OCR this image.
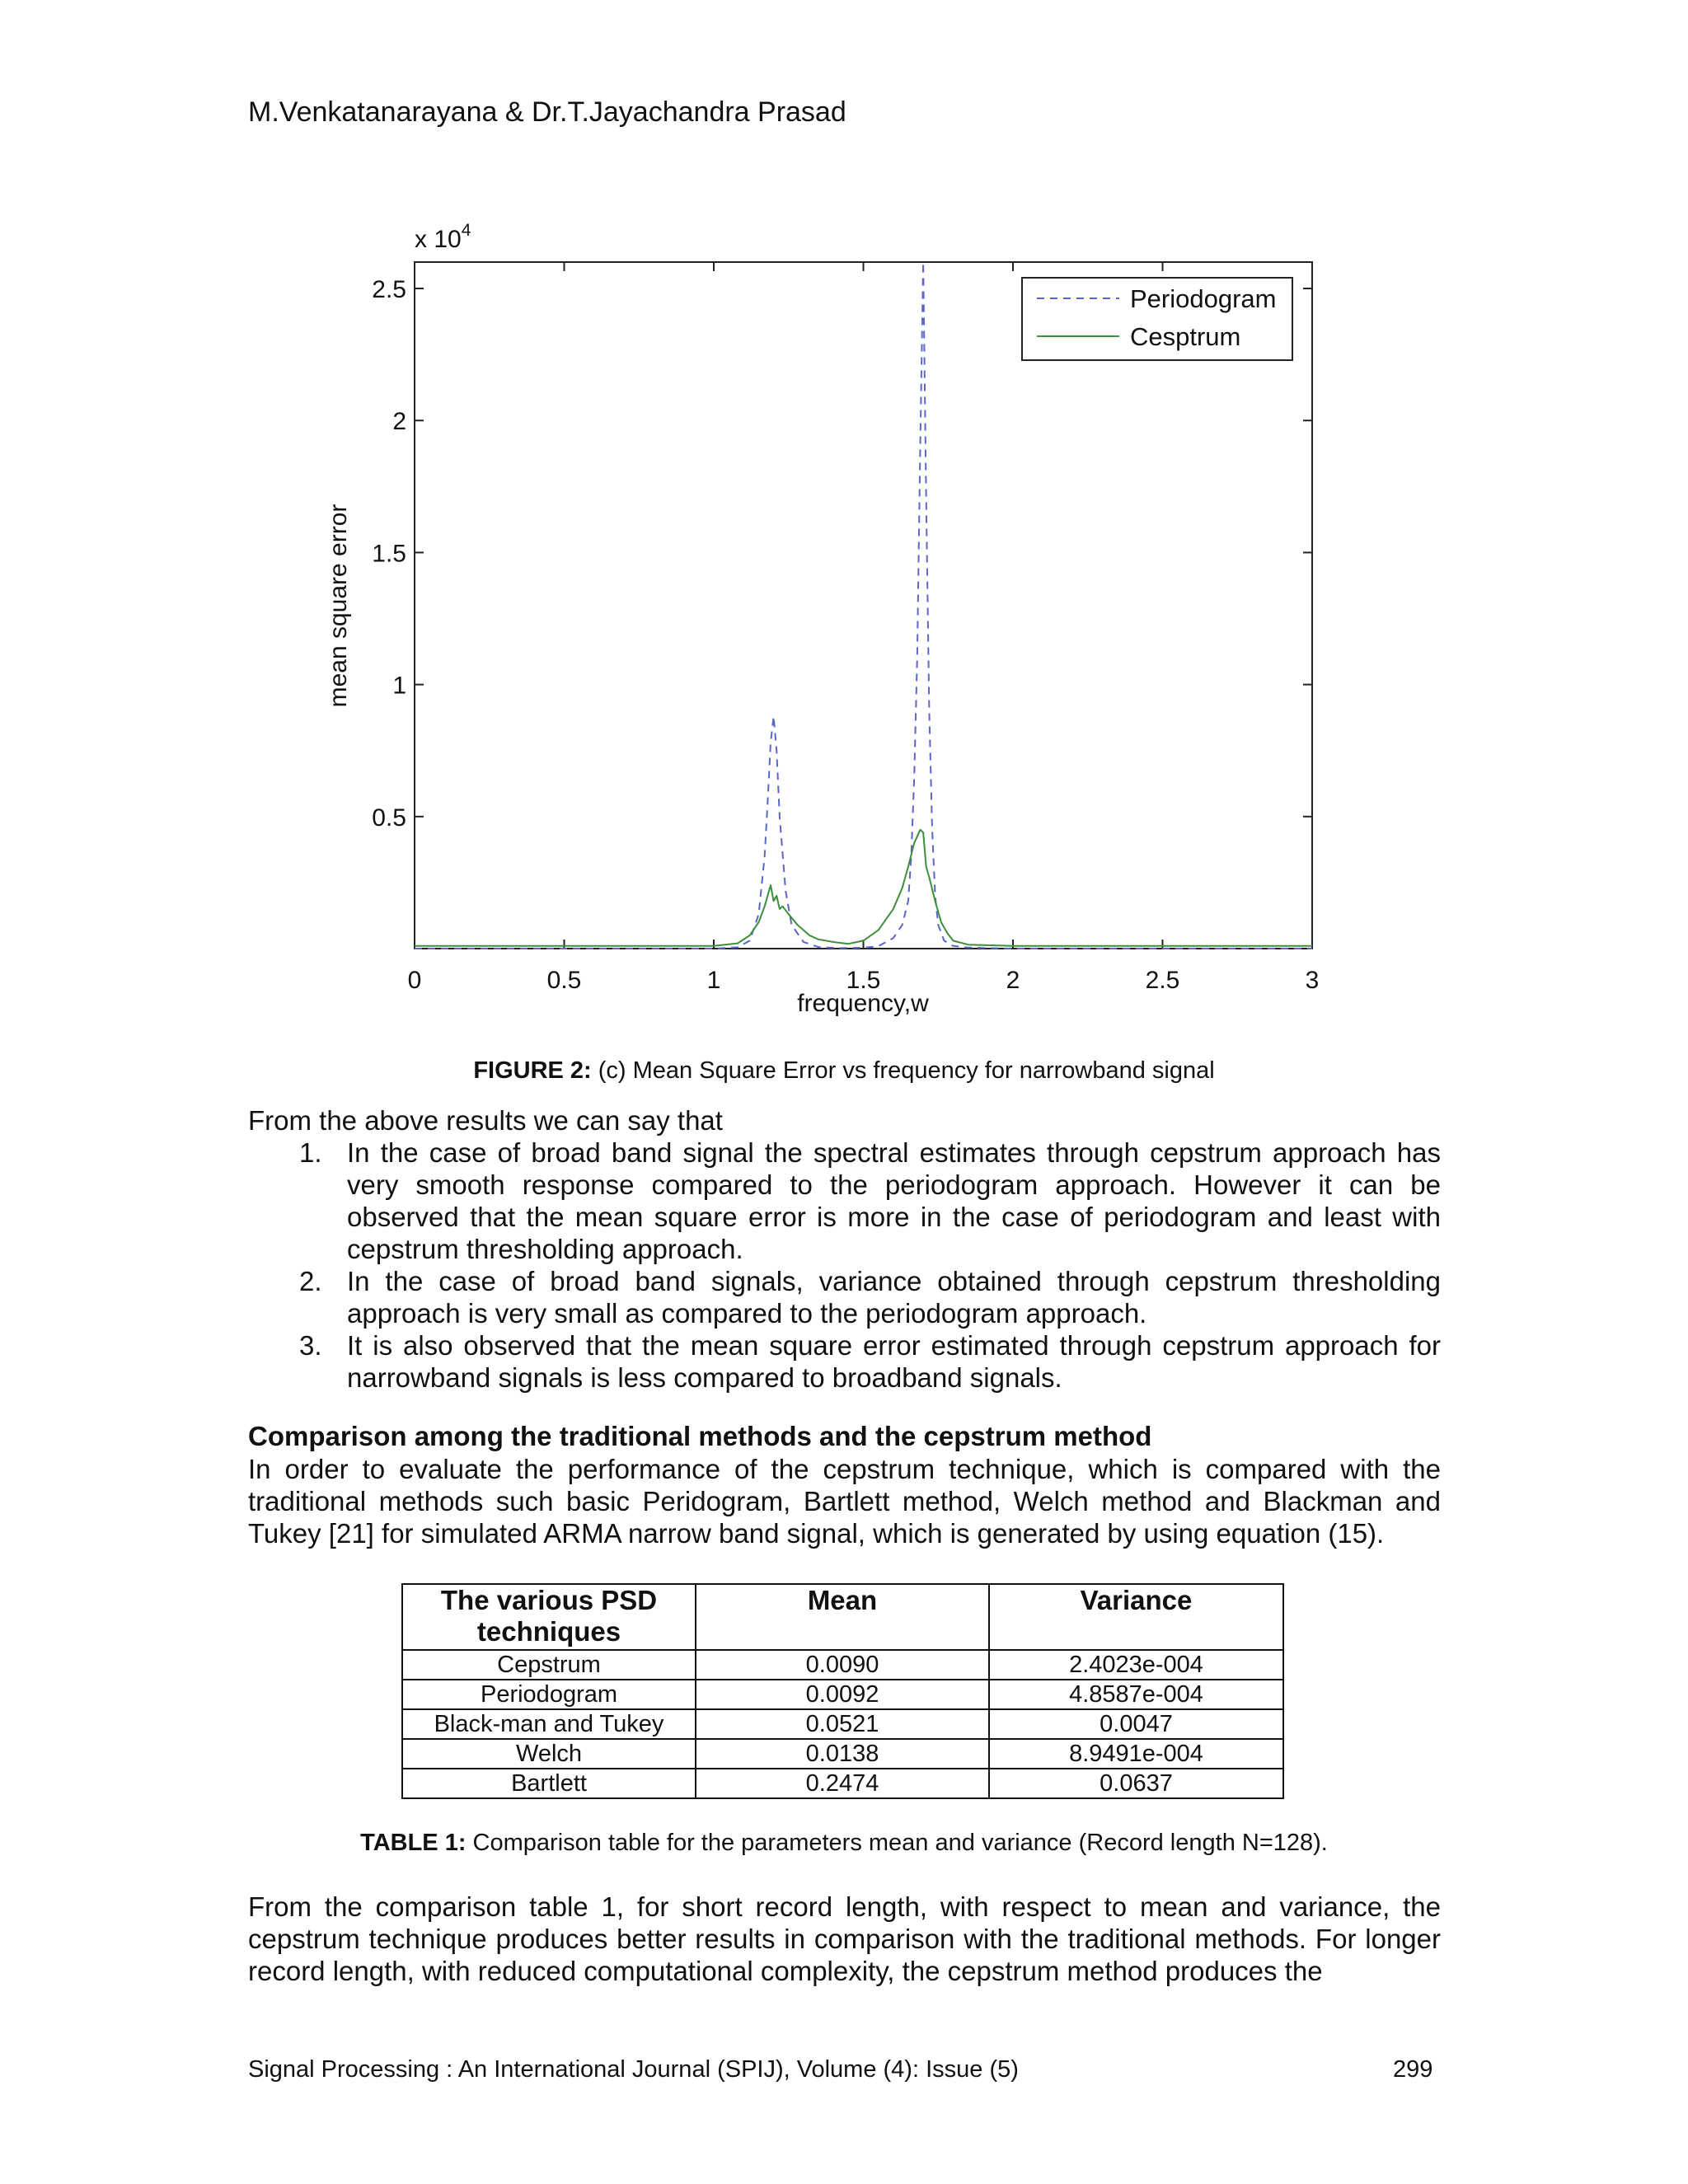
M.Venkatanarayana & Dr.T.Jayachandra Prasad
0	0.5	1	1.5	2	2.5	3
0.5
1
1.5
2
2.5
x $10^4$
frequency,w
mean square error
Periodogram
Cesptrum
FIGURE 2: (c) Mean Square Error vs frequency for narrowband signal
From the above results we can say that
1. In the case of broad band signal the spectral estimates through cepstrum approach has very smooth response compared to the periodogram approach. However it can be observed that the mean square error is more in the case of periodogram and least with cepstrum thresholding approach.
2. In the case of broad band signals, variance obtained through cepstrum thresholding approach is very small as compared to the periodogram approach.
3. It is also observed that the mean square error estimated through cepstrum approach for narrowband signals is less compared to broadband signals.
Comparison among the traditional methods and the cepstrum method
In order to evaluate the performance of the cepstrum technique, which is compared with the traditional methods such basic Peridogram, Bartlett method, Welch method and Blackman and Tukey [21] for simulated ARMA narrow band signal, which is generated by using equation (15).
The various PSD techniques	Mean	Variance
Cepstrum	0.0090	2.4023e-004
Periodogram	0.0092	4.8587e-004
Black-man and Tukey	0.0521	0.0047
Welch	0.0138	8.9491e-004
Bartlett	0.2474	0.0637
TABLE 1: Comparison table for the parameters mean and variance (Record length N=128).
From the comparison table 1, for short record length, with respect to mean and variance, the cepstrum technique produces better results in comparison with the traditional methods. For longer record length, with reduced computational complexity, the cepstrum method produces the
Signal Processing : An International Journal (SPIJ), Volume (4): Issue (5)	299
